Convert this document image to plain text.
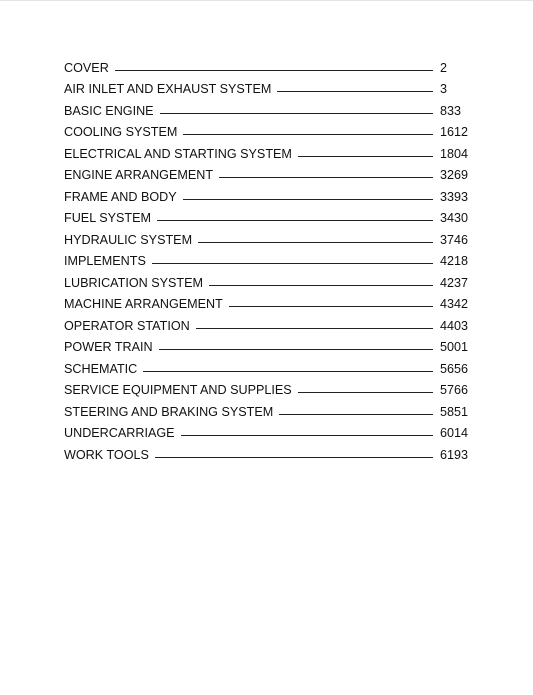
COVER	2
AIR INLET AND EXHAUST SYSTEM	3
BASIC ENGINE	833
COOLING SYSTEM	1612
ELECTRICAL AND STARTING SYSTEM	1804
ENGINE ARRANGEMENT	3269
FRAME AND BODY	3393
FUEL SYSTEM	3430
HYDRAULIC SYSTEM	3746
IMPLEMENTS	4218
LUBRICATION SYSTEM	4237
MACHINE ARRANGEMENT	4342
OPERATOR STATION	4403
POWER TRAIN	5001
SCHEMATIC	5656
SERVICE EQUIPMENT AND SUPPLIES	5766
STEERING AND BRAKING SYSTEM	5851
UNDERCARRIAGE	6014
WORK TOOLS	6193
